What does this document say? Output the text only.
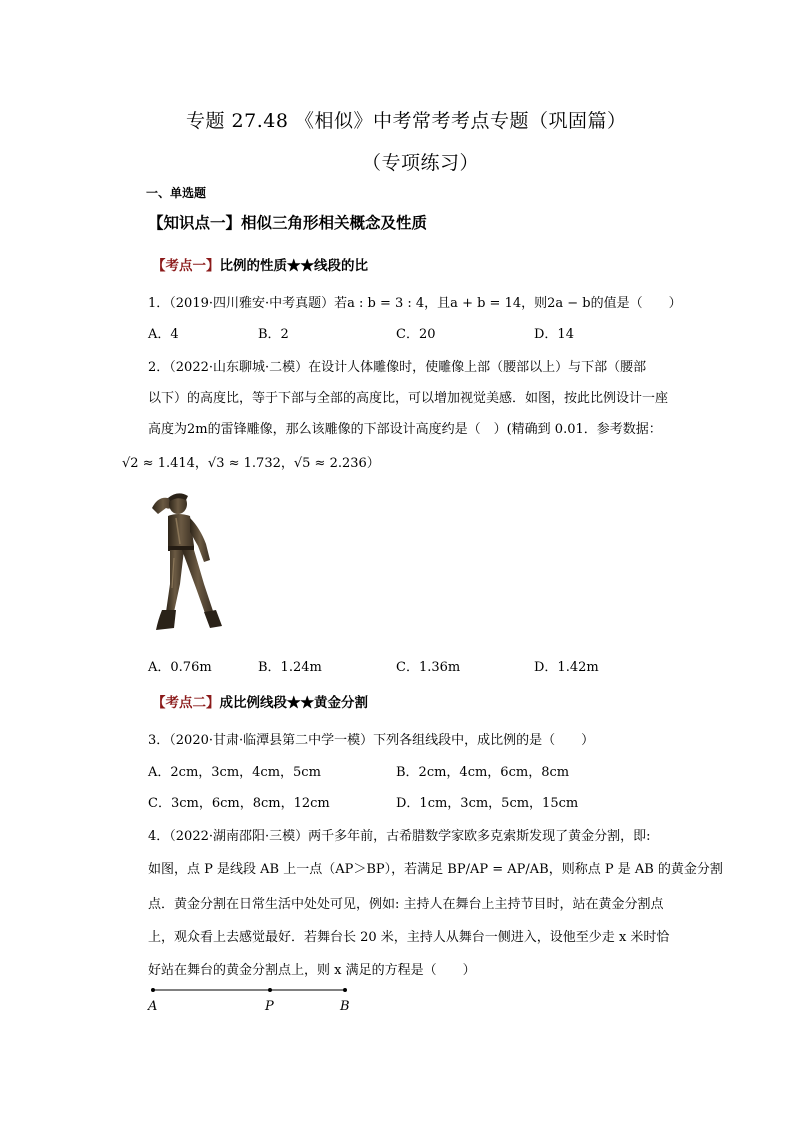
专题 27.48 《相似》中考常考考点专题（巩固篇）
（专项练习）
一、单选题
【知识点一】相似三角形相关概念及性质
【考点一】比例的性质★★线段的比
1．（2019·四川雅安·中考真题）若a : b = 3 : 4，且a + b = 14，则2a − b的值是（　　）
A．4	B．2	C．20	D．14
2．（2022·山东聊城·二模）在设计人体雕像时，使雕像上部（腰部以上）与下部（腰部
以下）的高度比，等于下部与全部的高度比，可以增加视觉美感．如图，按此比例设计一座
高度为2m的雷锋雕像，那么该雕像的下部设计高度约是（　）(精确到 0.01．参考数据：
√2 ≈ 1.414，√3 ≈ 1.732，√5 ≈ 2.236）
A．0.76m	B．1.24m	C．1.36m	D．1.42m
【考点二】成比例线段★★黄金分割
3．（2020·甘肃·临潭县第二中学一模）下列各组线段中，成比例的是（　　）
A．2cm，3cm，4cm，5cm	B．2cm，4cm，6cm，8cm
C．3cm，6cm，8cm，12cm	D．1cm，3cm，5cm，15cm
4．（2022·湖南邵阳·三模）两千多年前，古希腊数学家欧多克索斯发现了黄金分割，即:
如图，点 P 是线段 AB 上一点（AP＞BP），若满足 BP/AP = AP/AB，则称点 P 是 AB 的黄金分割
点．黄金分割在日常生活中处处可见，例如: 主持人在舞台上主持节目时，站在黄金分割点
上，观众看上去感觉最好．若舞台长 20 米，主持人从舞台一侧进入，设他至少走 x 米时恰
好站在舞台的黄金分割点上，则 x 满足的方程是（　　）
A	P	B
